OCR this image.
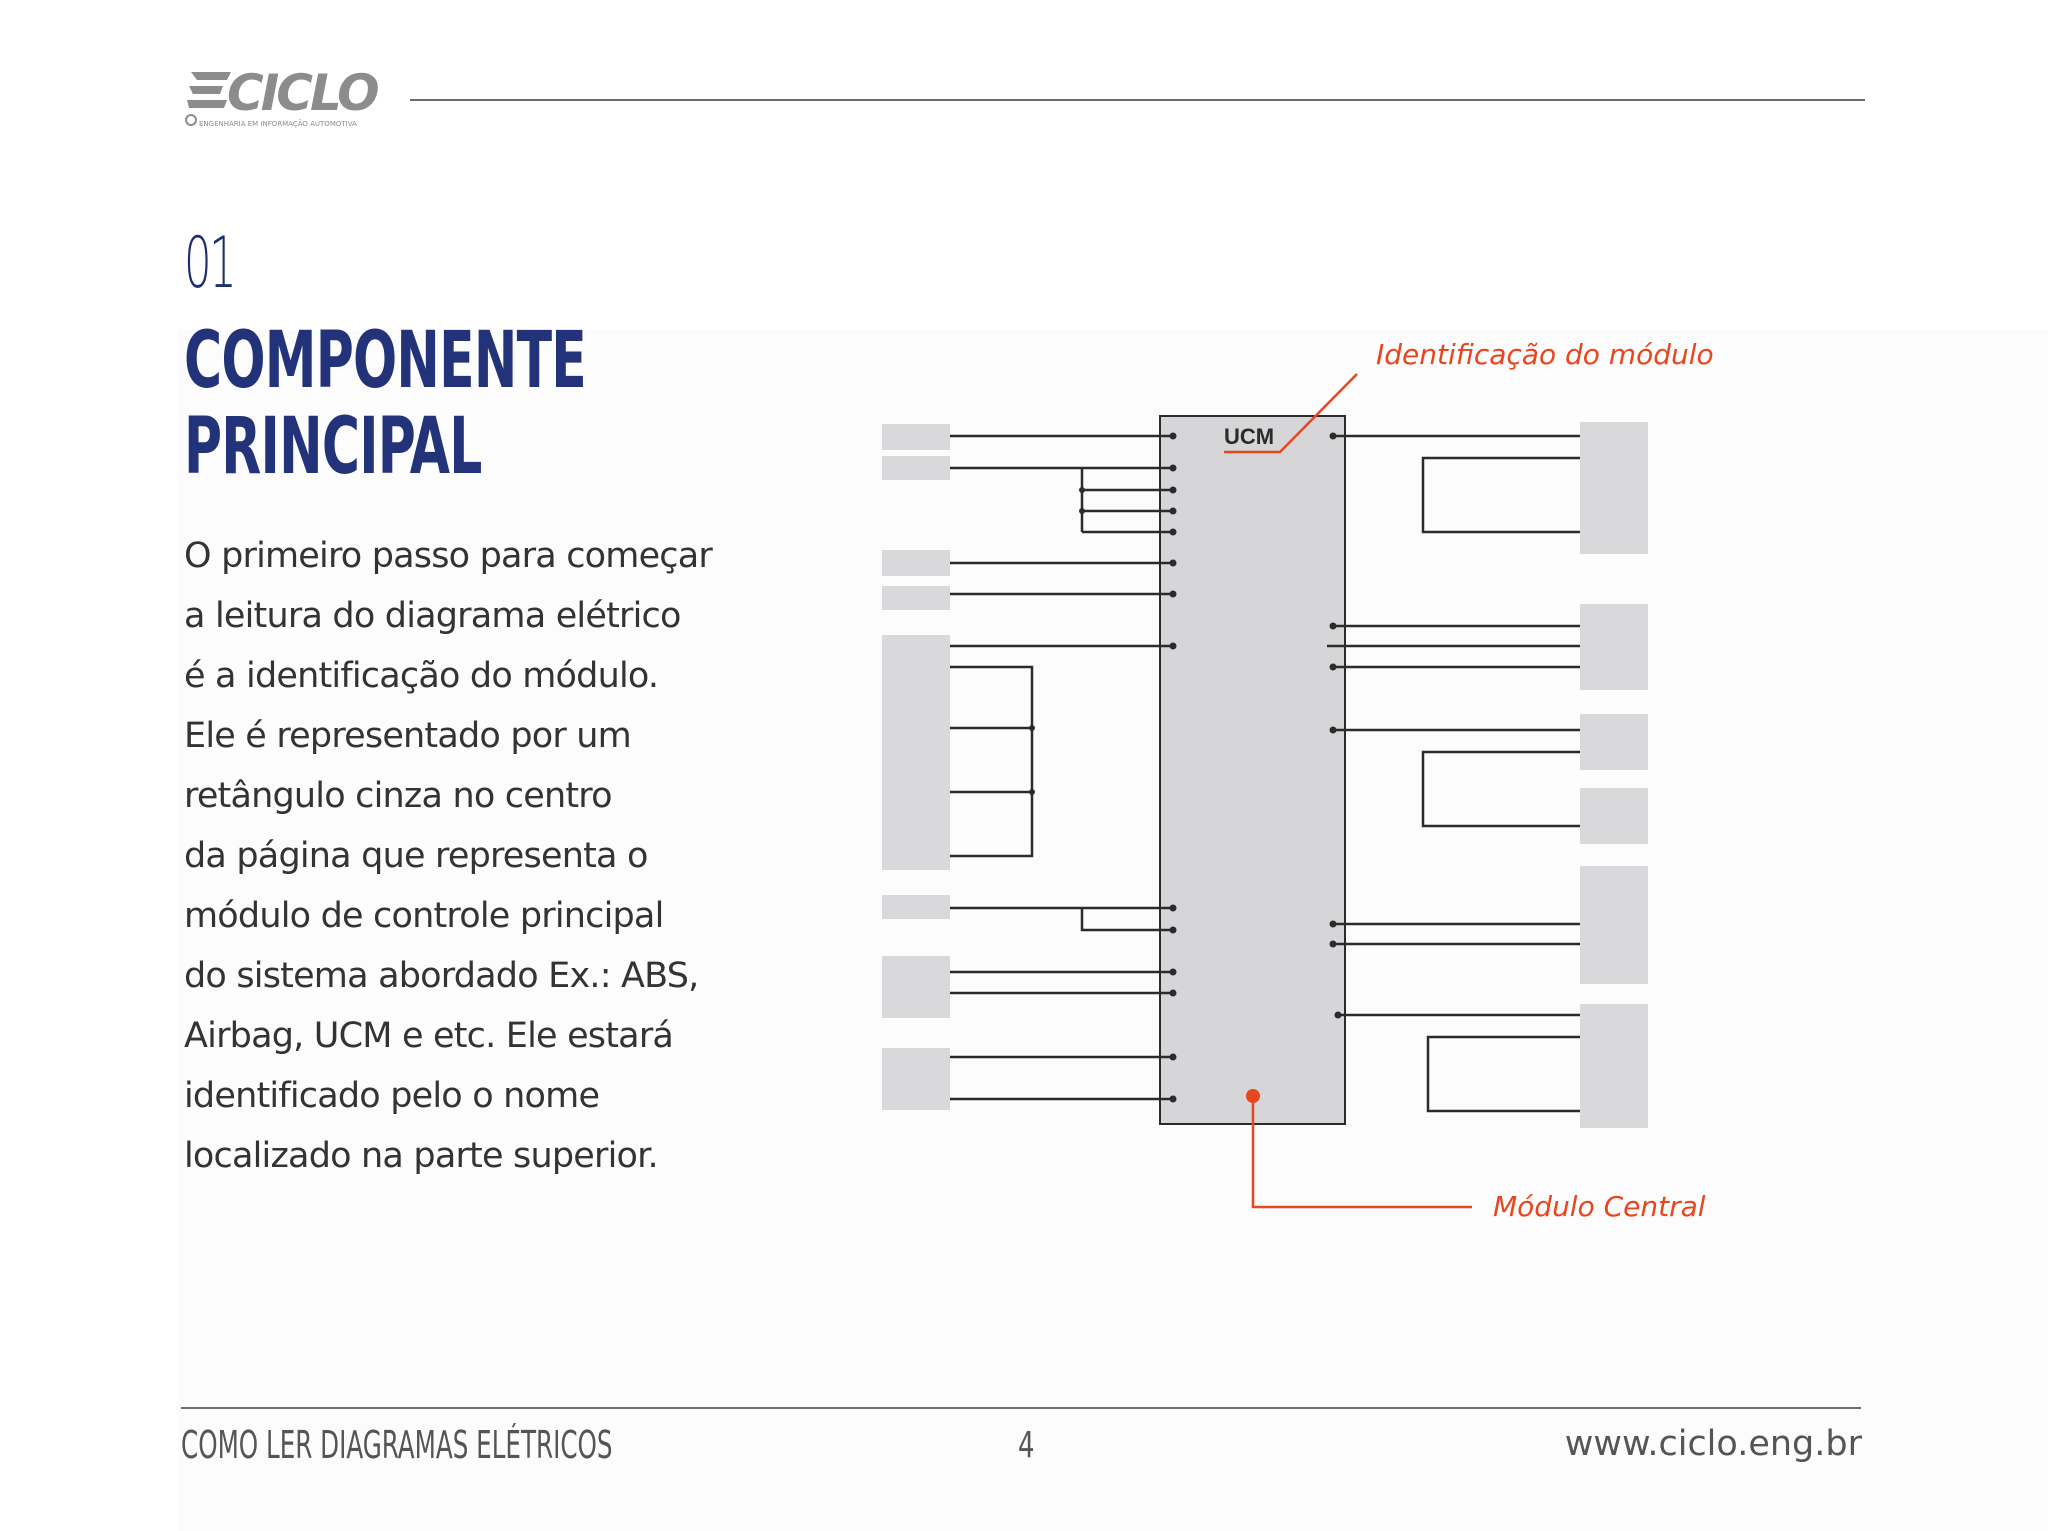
CICLO
ENGENHARIA EM INFORMAÇÃO AUTOMOTIVA
01
COMPONENTE
PRINCIPAL

O primeiro passo para começar
a leitura do diagrama elétrico
é a identificação do módulo.
Ele é representado por um
retângulo cinza no centro
da página que representa o
módulo de controle principal
do sistema abordado Ex.: ABS,
Airbag, UCM e etc. Ele estará
identificado pelo o nome
localizado na parte superior.

UCM
Identificação do módulo
Módulo Central
COMO LER DIAGRAMAS ELÉTRICOS	4	www.ciclo.eng.br
